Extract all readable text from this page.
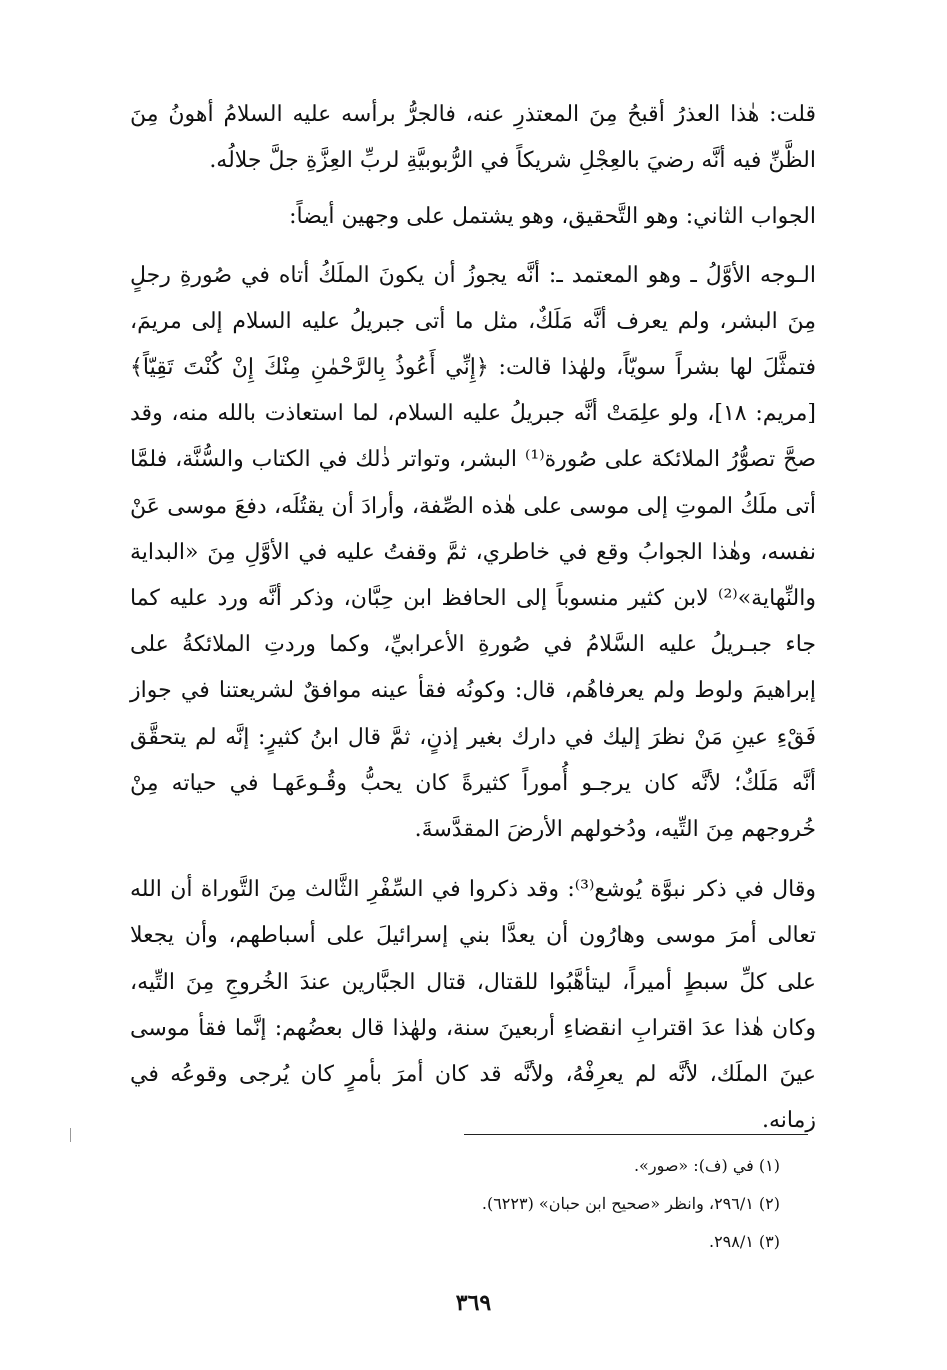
قلت: هٰذا العذرُ أقبحُ مِنَ المعتذرِ عنه، فالجرُّ برأسه عليه السلامُ أهونُ مِنَ الظَّنِّ فيه أنَّه رضيَ بالعِجْلِ شريكاً في الرُّبوبيَّةِ لربِّ العِزَّةِ جلَّ جلالُه.

الجواب الثاني: وهو التَّحقيق، وهو يشتمل على وجهين أيضاً:

الـوجه الأوَّلُ ـ وهو المعتمد ـ: أنَّه يجوزُ أن يكونَ الملَكُ أتاه في صُورةِ رجلٍ مِنَ البشر، ولم يعرف أنَّه مَلَكٌ، مثل ما أتى جبريلُ عليه السلام إلى مريمَ، فتمثَّلَ لها بشراً سويّاً، ولهٰذا قالت: ﴿إِنِّي أَعُوذُ بِالرَّحْمٰنِ مِنْكَ إِنْ كُنْتَ تَقِيّاً﴾ [مريم: ١٨]، ولو علِمَتْ أنَّه جبريلُ عليه السلام، لما استعاذت بالله منه، وقد صحَّ تصوُّرُ الملائكة على صُورة⁽¹⁾ البشر، وتواتر ذٰلك في الكتاب والسُّنَّة، فلمَّا أتى ملَكُ الموتِ إلى موسى على هٰذه الصِّفة، وأرادَ أن يقتُلَه، دفعَ موسى عَنْ نفسه، وهٰذا الجوابُ وقع في خاطري، ثمَّ وقفتُ عليه في الأوَّلِ مِنَ «البداية والنِّهاية»⁽²⁾ لابن كثير منسوباً إلى الحافظ ابن حِبَّان، وذكر أنَّه ورد عليه كما جاء جبـريلُ عليه السَّلامُ في صُورةِ الأعرابيِّ، وكما وردتِ الملائكةُ على إبراهيمَ ولوط ولم يعرفاهُم، قال: وكونُه فقأ عينه موافقٌ لشريعتنا في جواز فَقْءِ عينِ مَنْ نظرَ إليك في دارك بغير إذنٍ، ثمَّ قال ابنُ كثيرٍ: إنَّه لم يتحقَّق أنَّه مَلَكٌ؛ لأنَّه كان يرجـو أُموراً كثيرةً كان يحبُّ وقُـوعَهـا في حياته مِنْ خُروجهم مِنَ التِّيه، ودُخولهم الأرضَ المقدَّسةَ.

وقال في ذكر نبوَّة يُوشع⁽³⁾: وقد ذكروا في السِّفْرِ الثَّالث مِنَ التَّوراة أن الله تعالى أمرَ موسى وهارُون أن يعدَّا بني إسرائيلَ على أسباطهم، وأن يجعلا على كلِّ سبطٍ أميراً، ليتأهَّبُوا للقتال، قتال الجبَّارين عندَ الخُروجِ مِنَ التِّيه، وكان هٰذا عدَ اقترابِ انقضاءِ أربعينَ سنة، ولهٰذا قال بعضُهم: إنَّما فقأ موسى عينَ الملَك، لأنَّه لم يعرِفْهُ، ولأنَّه قد كان أمرَ بأمرٍ كان يُرجى وقوعُه في زمانه.

(١) في (ف): «صور».

(٢) ٢٩٦/١، وانظر «صحيح ابن حبان» (٦٢٢٣).

(٣) ٢٩٨/١.

٣٦٩
